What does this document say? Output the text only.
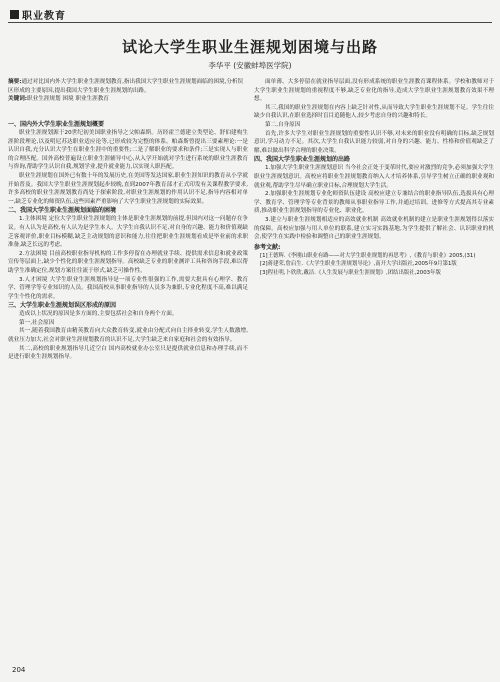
职业教育
试论大学生职业生涯规划困境与出路
李华平 (安徽蚌埠医学院)
摘要:通过对比国内外大学生职业生涯规划教育,指出我国大学生职业生涯规划面临的困境,分析误区形成的主要原因,提出我国大学生职业生涯规划的出路。
关键词:职业生涯规划 困境 职业生涯教育
一、国内外大学生职业生涯规划概要

职业生涯规划源于20世纪初美国职业指导之父帕森斯。历经霍兰德建立类型论、舒伯建构生涯阶段理论,以及明尼苏达职业适应论等,已形成较为完整的体系。帕森斯曾提出三要素理论:一是认识自我,充分认识大学生在职业生涯中的重要性;二是了解职业的要求和条件;三是实现人与职业的合理匹配。国外高校普遍设立职业生涯辅导中心,从入学开始就对学生进行系统的职业生涯教育与咨询,帮助学生认识自我,规划学业,提升就业能力,以实现人职匹配。

职业生涯规划在国外已有数十年的发展历史,在美国等发达国家,职业生涯知识的教育从小学就开始普及。我国大学生职业生涯规划起步较晚,直到2007年教育部才正式印发有关课程教学要求,许多高校的职业生涯规划教育尚处于探索阶段,对职业生涯规划的作用认识不足,指导内容相对单一,缺乏专业化的师资队伍,这些因素严重影响了大学生职业生涯规划的实际效果。

二、我国大学生职业生涯规划面临的困境

1.主体困境 定位大学生职业生涯规划的主体是职业生涯规划的前提,但国内对这一问题存在争议。有人认为是高校,有人认为是学生本人。大学生自我认识不足,对自身的兴趣、能力和价值观缺乏客观评价,职业目标模糊,缺乏主动规划的意识和能力,往往把职业生涯规划看成是毕业前的求职准备,缺乏长远的考虑。

2.方法困境 目前高校职业指导机构的工作多停留在办理就业手续、提供需求信息和就业政策宣传等层面上,缺少个性化的职业生涯规划指导。高校缺乏专业的职业测评工具和咨询手段,难以帮助学生准确定位,规划方案往往流于形式,缺乏可操作性。

3.人才困境 大学生职业生涯规划指导是一项专业性很强的工作,需要大批具有心理学、教育学、管理学等专业知识的人员。我国高校从事职业指导的人员多为兼职,专业化程度不高,难以满足学生个性化的需求。

三、大学生职业生涯规划误区形成的原因

造成以上状况的原因是多方面的,主要包括社会和自身两个方面。

第一,社会原因

其一,随着我国教育由精英教育向大众教育转变,就业由分配式向自主择业转变,学生人数激增,就业压力加大,社会对职业生涯规划教育的认识不足,大学生缺乏来自家庭和社会的有效指导。

其二,高校的职业规划指导几近空白 国内高校就业办公室只是提供就业信息和办理手续,而不是进行职业生涯规划指导。

面单薄、大多停留在就业指导层面,没有形成系统的职业生涯教育课程体系。学校和教师对于大学生职业生涯规划的重视程度不够,缺乏专业化的指导,造成大学生职业生涯规划教育效果不理想。

其三,我国的职业生涯规划在内容上缺乏针对性,从而导致大学生职业生涯规划不足。学生往往缺少自我认识,在职业选择时盲目追随他人,较少考虑自身的兴趣和特长。

第二,自身原因

首先,许多大学生对职业生涯规划的重要性认识不够,对未来的职业没有明确的目标,缺乏规划意识,学习动力不足。其次,大学生自我认识能力较弱,对自身的兴趣、能力、性格和价值观缺乏了解,难以做出科学合理的职业决策。

四、我国大学生职业生涯规划的出路

1.加强大学生职业生涯规划意识 当今社会正处于变革时代,要应对激烈的竞争,必须加强大学生职业生涯规划意识。高校应将职业生涯规划教育纳入人才培养体系,引导学生树立正确的职业观和就业观,帮助学生尽早确立职业目标,合理规划大学生活。

2.加强职业生涯规划专业化师资队伍建设 高校应建立专兼结合的职业指导队伍,选拔具有心理学、教育学、管理学等专业背景的教师从事职业指导工作,并通过培训、进修等方式提高其专业素质,推动职业生涯规划指导的专业化、职业化。

3.建立与职业生涯规划相适应的高效就业机制 高效就业机制的建立是职业生涯规划得以落实的保障。高校应加强与用人单位的联系,建立实习实践基地,为学生提供了解社会、认识职业的机会,使学生在实践中检验和调整自己的职业生涯规划。

参考文献:
[1]王德辉.《李刚山职业有路——对大学生职业规划的再思考》,《教育与职业》2005,(31)
[2]蒋建荣,詹启生.《大学生职业生涯规划导论》,南开大学出版社,2005年9月第1版
[3]程社明,卜欣欣,戴洁.《人生发展与职业生涯规划》,团结出版社,2003年版
204
